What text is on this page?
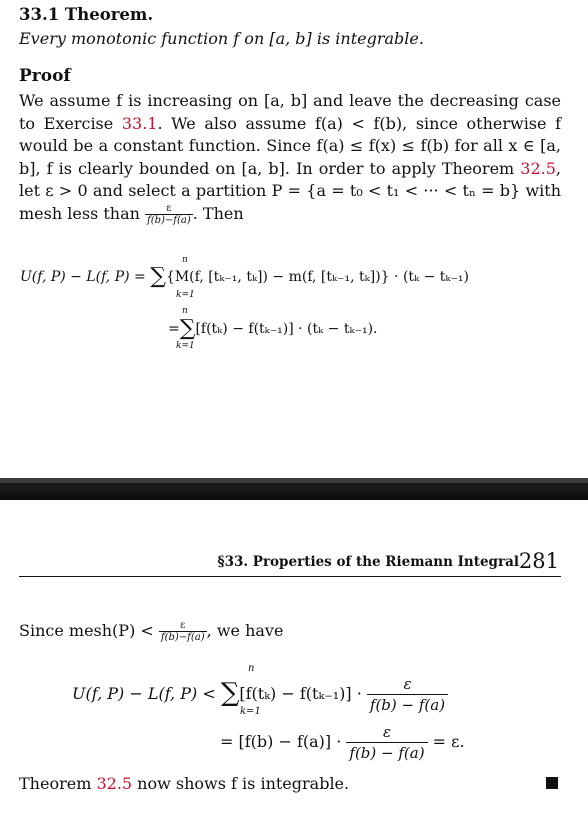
33.1 Theorem.
Every monotonic function f on [a, b] is integrable.
Proof
We assume f is increasing on [a, b] and leave the decreasing case to Exercise 33.1. We also assume f(a) < f(b), since otherwise f would be a constant function. Since f(a) ≤ f(x) ≤ f(b) for all x ∈ [a, b], f is clearly bounded on [a, b]. In order to apply Theorem 32.5, let ε > 0 and select a partition P = {a = t₀ < t₁ < ··· < tₙ = b} with mesh less than $\frac{\varepsilon}{f(b)-f(a)}$ . Then
U(f, P) − L(f, P) = ∑{M(f, [tₖ₋₁, tₖ]) − m(f, [tₖ₋₁, tₖ])} · (tₖ − tₖ₋₁)
n
k=1
=∑[f(tₖ) − f(tₖ₋₁)] · (tₖ − tₖ₋₁).
n
k=1
§33. Properties of the Riemann Integral 281
Since mesh(P) < $\frac{\varepsilon}{f(b)-f(a)}$ , we have
U(f, P) − L(f, $P) < \sum[f(t_k) - f(t_{k-1})] \cdot \frac{\varepsilon}{f(b) - f(a)}$
n
k=1
= $[f(b) - f(a)] \cdot \frac{\varepsilon}{f(b) - f(a)} = \varepsilon$.
Theorem 32.5 now shows f is integrable.
